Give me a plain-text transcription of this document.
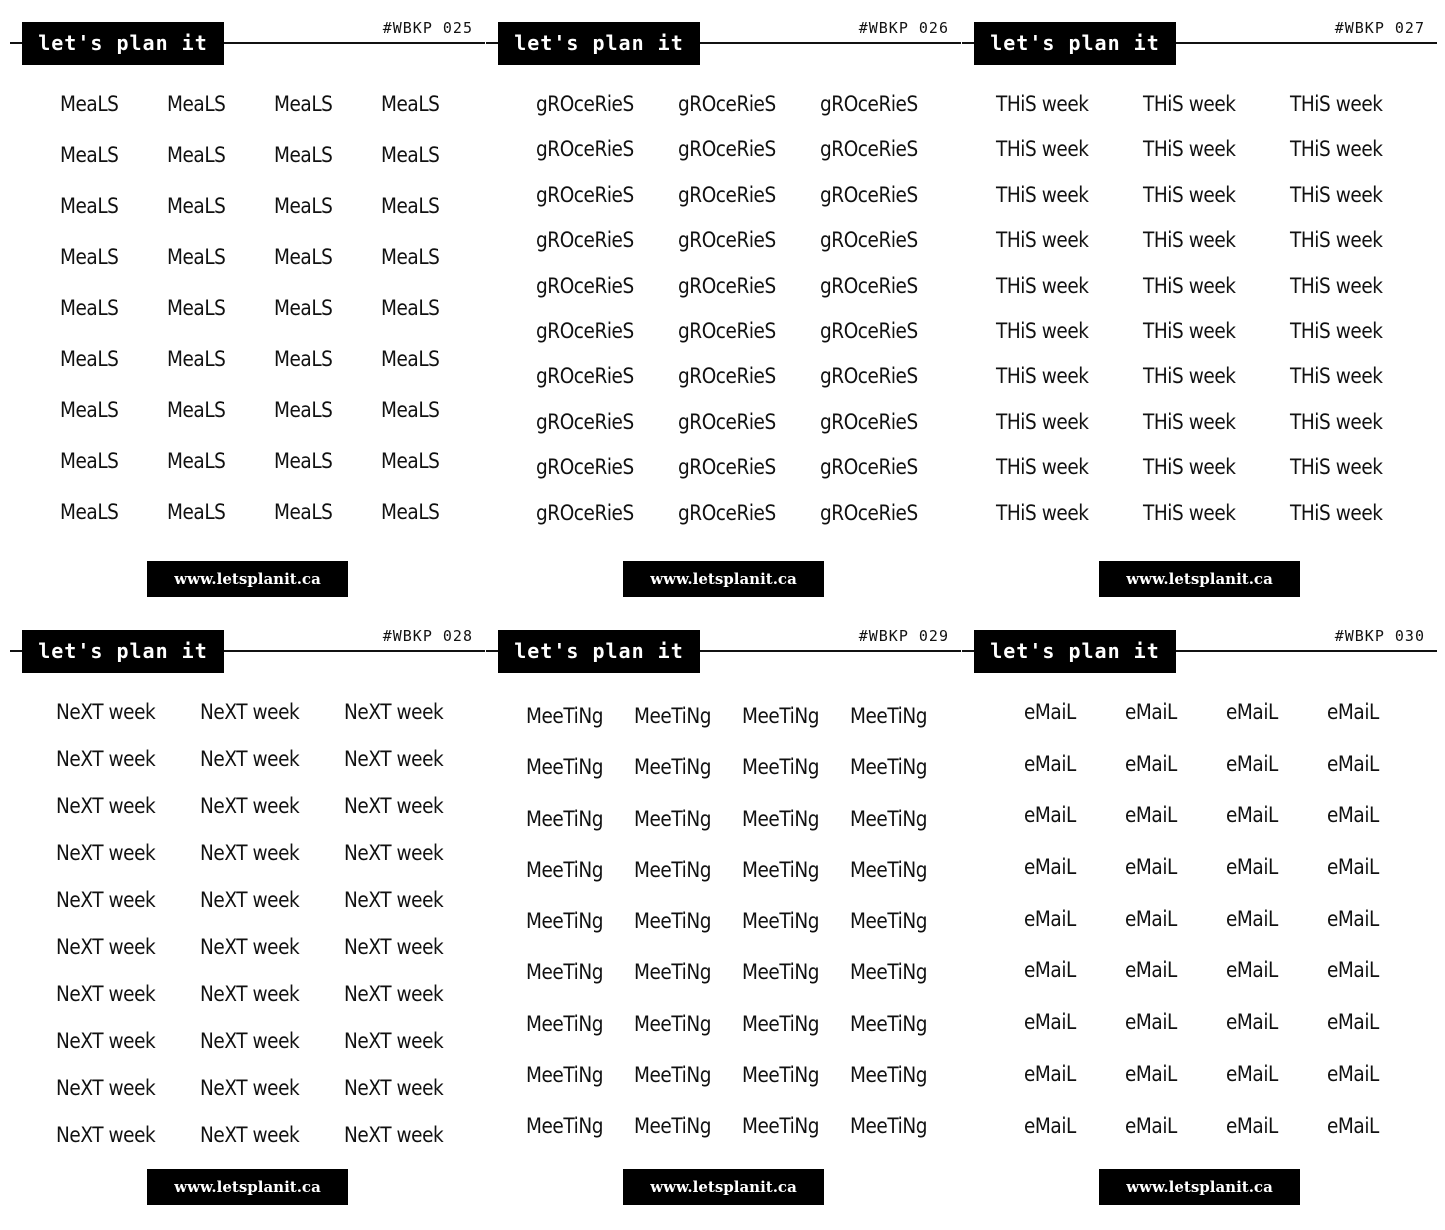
let's plan it
#WBKP 025
MeaLS	MeaLS	MeaLS	MeaLS
MeaLS	MeaLS	MeaLS	MeaLS
MeaLS	MeaLS	MeaLS	MeaLS
MeaLS	MeaLS	MeaLS	MeaLS
MeaLS	MeaLS	MeaLS	MeaLS
MeaLS	MeaLS	MeaLS	MeaLS
MeaLS	MeaLS	MeaLS	MeaLS
MeaLS	MeaLS	MeaLS	MeaLS
MeaLS	MeaLS	MeaLS	MeaLS
www.letsplanit.ca
let's plan it
#WBKP 026
gROceRieS	gROceRieS	gROceRieS
gROceRieS	gROceRieS	gROceRieS
gROceRieS	gROceRieS	gROceRieS
gROceRieS	gROceRieS	gROceRieS
gROceRieS	gROceRieS	gROceRieS
gROceRieS	gROceRieS	gROceRieS
gROceRieS	gROceRieS	gROceRieS
gROceRieS	gROceRieS	gROceRieS
gROceRieS	gROceRieS	gROceRieS
gROceRieS	gROceRieS	gROceRieS
www.letsplanit.ca
let's plan it
#WBKP 027
THiS week	THiS week	THiS week
THiS week	THiS week	THiS week
THiS week	THiS week	THiS week
THiS week	THiS week	THiS week
THiS week	THiS week	THiS week
THiS week	THiS week	THiS week
THiS week	THiS week	THiS week
THiS week	THiS week	THiS week
THiS week	THiS week	THiS week
THiS week	THiS week	THiS week
www.letsplanit.ca
let's plan it
#WBKP 028
NeXT week	NeXT week	NeXT week
NeXT week	NeXT week	NeXT week
NeXT week	NeXT week	NeXT week
NeXT week	NeXT week	NeXT week
NeXT week	NeXT week	NeXT week
NeXT week	NeXT week	NeXT week
NeXT week	NeXT week	NeXT week
NeXT week	NeXT week	NeXT week
NeXT week	NeXT week	NeXT week
NeXT week	NeXT week	NeXT week
www.letsplanit.ca
let's plan it
#WBKP 029
MeeTiNg	MeeTiNg	MeeTiNg	MeeTiNg
MeeTiNg	MeeTiNg	MeeTiNg	MeeTiNg
MeeTiNg	MeeTiNg	MeeTiNg	MeeTiNg
MeeTiNg	MeeTiNg	MeeTiNg	MeeTiNg
MeeTiNg	MeeTiNg	MeeTiNg	MeeTiNg
MeeTiNg	MeeTiNg	MeeTiNg	MeeTiNg
MeeTiNg	MeeTiNg	MeeTiNg	MeeTiNg
MeeTiNg	MeeTiNg	MeeTiNg	MeeTiNg
MeeTiNg	MeeTiNg	MeeTiNg	MeeTiNg
www.letsplanit.ca
let's plan it
#WBKP 030
eMaiL	eMaiL	eMaiL	eMaiL
eMaiL	eMaiL	eMaiL	eMaiL
eMaiL	eMaiL	eMaiL	eMaiL
eMaiL	eMaiL	eMaiL	eMaiL
eMaiL	eMaiL	eMaiL	eMaiL
eMaiL	eMaiL	eMaiL	eMaiL
eMaiL	eMaiL	eMaiL	eMaiL
eMaiL	eMaiL	eMaiL	eMaiL
eMaiL	eMaiL	eMaiL	eMaiL
www.letsplanit.ca
